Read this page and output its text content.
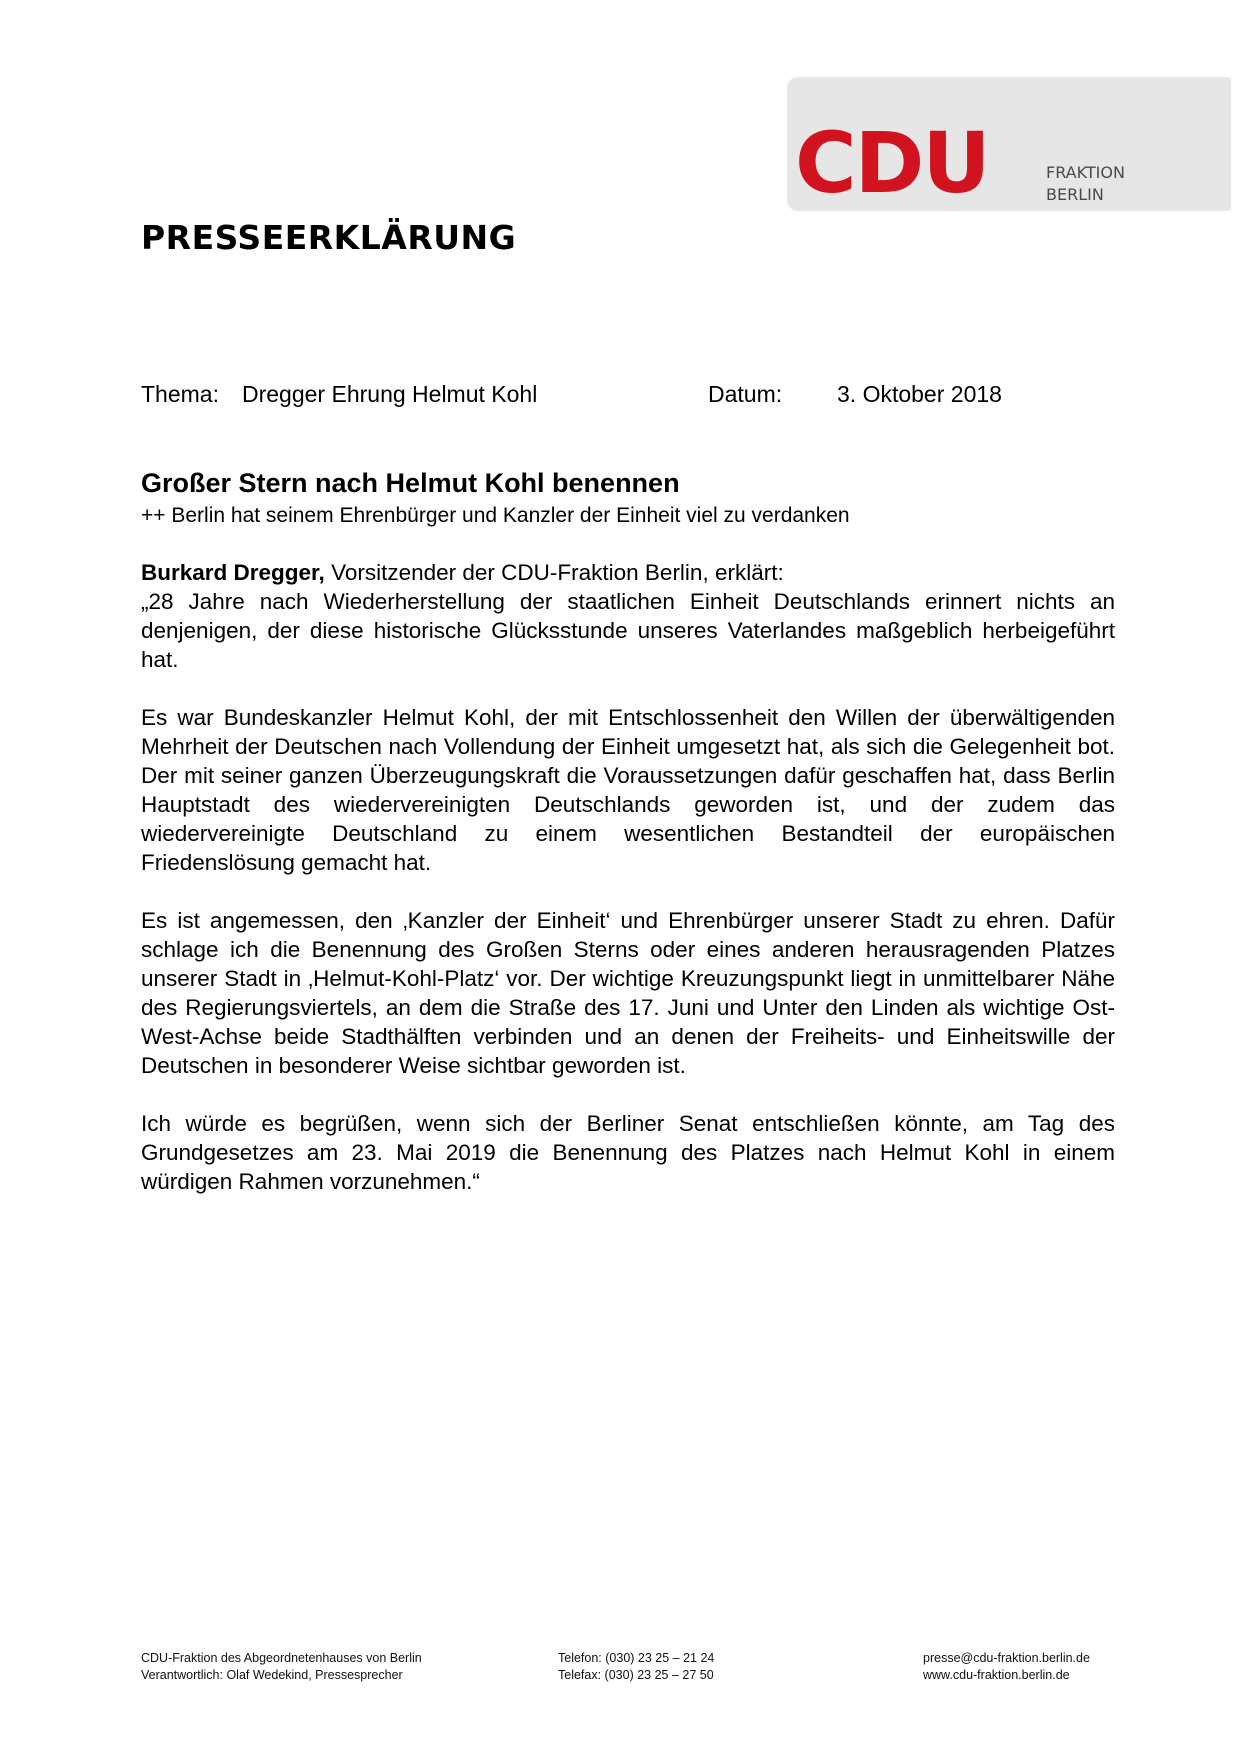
CDU	FRAKTION
BERLIN
PRESSEERKLÄRUNG
Thema: Dregger Ehrung Helmut Kohl	Datum: 3. Oktober 2018
Großer Stern nach Helmut Kohl benennen
++ Berlin hat seinem Ehrenbürger und Kanzler der Einheit viel zu verdanken

Burkard Dregger, Vorsitzender der CDU-Fraktion Berlin, erklärt:

„28 Jahre nach Wiederherstellung der staatlichen Einheit Deutschlands erinnert nichts an denjenigen, der diese historische Glücksstunde unseres Vaterlandes maßgeblich herbeigeführt hat.

Es war Bundeskanzler Helmut Kohl, der mit Entschlossenheit den Willen der überwältigenden Mehrheit der Deutschen nach Vollendung der Einheit umgesetzt hat, als sich die Gelegenheit bot. Der mit seiner ganzen Überzeugungskraft die Voraussetzungen dafür geschaffen hat, dass Berlin Hauptstadt des wiedervereinigten Deutschlands geworden ist, und der zudem das wiedervereinigte Deutschland zu einem wesentlichen Bestandteil der europäischen Friedenslösung gemacht hat.

Es ist angemessen, den ‚Kanzler der Einheit‘ und Ehrenbürger unserer Stadt zu ehren. Dafür schlage ich die Benennung des Großen Sterns oder eines anderen herausragenden Platzes unserer Stadt in ‚Helmut-Kohl-Platz‘ vor. Der wichtige Kreuzungspunkt liegt in unmittelbarer Nähe des Regierungsviertels, an dem die Straße des 17. Juni und Unter den Linden als wichtige Ost-West-Achse beide Stadthälften verbinden und an denen der Freiheits- und Einheitswille der Deutschen in besonderer Weise sichtbar geworden ist.

Ich würde es begrüßen, wenn sich der Berliner Senat entschließen könnte, am Tag des Grundgesetzes am 23. Mai 2019 die Benennung des Platzes nach Helmut Kohl in einem würdigen Rahmen vorzunehmen.“

CDU-Fraktion des Abgeordnetenhauses von Berlin
Verantwortlich: Olaf Wedekind, Pressesprecher
Telefon: (030) 23 25 – 21 24
Telefax: (030) 23 25 – 27 50
presse@cdu-fraktion.berlin.de
www.cdu-fraktion.berlin.de
